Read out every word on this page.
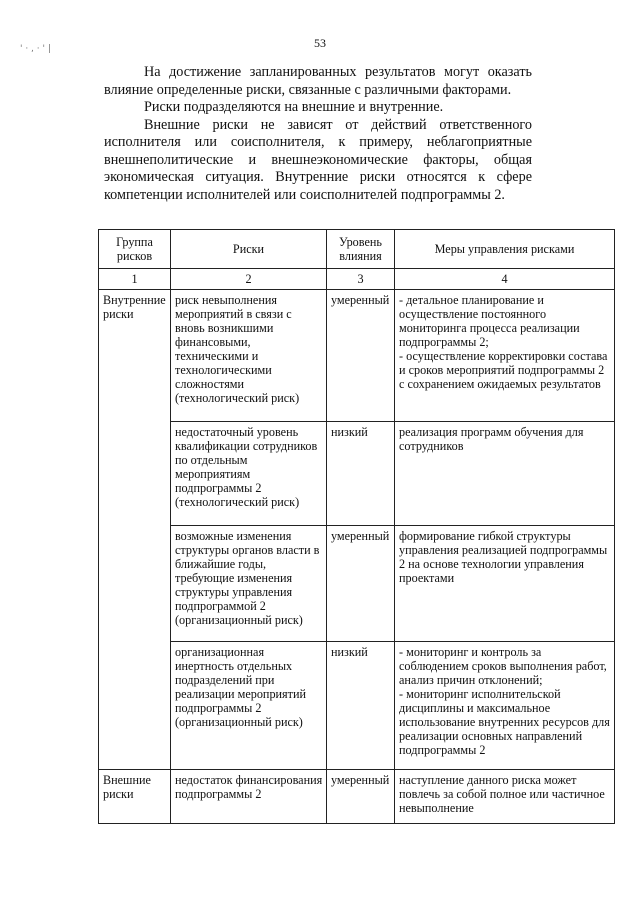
53
' · , · ' |

На достижение запланированных результатов могут оказать влияние определенные риски, связанные с различными факторами.

Риски подразделяются на внешние и внутренние.

Внешние риски не зависят от действий ответственного исполнителя или соисполнителя, к примеру, неблагоприятные внешнеполитические и внешнеэкономические факторы, общая экономическая ситуация. Внутренние риски относятся к сфере компетенции исполнителей или соисполнителей подпрограммы 2.

Группа рисков	Риски	Уровень влияния	Меры управления рисками
1	2	3	4
Внутренние риски	риск невыполнения мероприятий в связи с вновь возникшими финансовыми, техническими и технологическими сложностями (технологический риск)	умеренный	- детальное планирование и осуществление постоянного мониторинга процесса реализации подпрограммы 2;
- осуществление корректировки состава и сроков мероприятий подпрограммы 2 с сохранением ожидаемых результатов

	недостаточный уровень квалификации сотрудников по отдельным мероприятиям подпрограммы 2 (технологический риск)	низкий	реализация программ обучения для сотрудников

	возможные изменения структуры органов власти в ближайшие годы, требующие изменения структуры управления подпрограммой 2 (организационный риск)	умеренный	формирование гибкой структуры управления реализацией подпрограммы 2 на основе технологии управления проектами

	организационная инертность отдельных подразделений при реализации мероприятий подпрограммы 2 (организационный риск)	низкий	- мониторинг и контроль за соблюдением сроков выполнения работ, анализ причин отклонений;
- мониторинг исполнительской дисциплины и максимальное использование внутренних ресурсов для реализации основных направлений подпрограммы 2

Внешние риски	недостаток финансирования подпрограммы 2	умеренный	наступление данного риска может повлечь за собой полное или частичное невыполнение
